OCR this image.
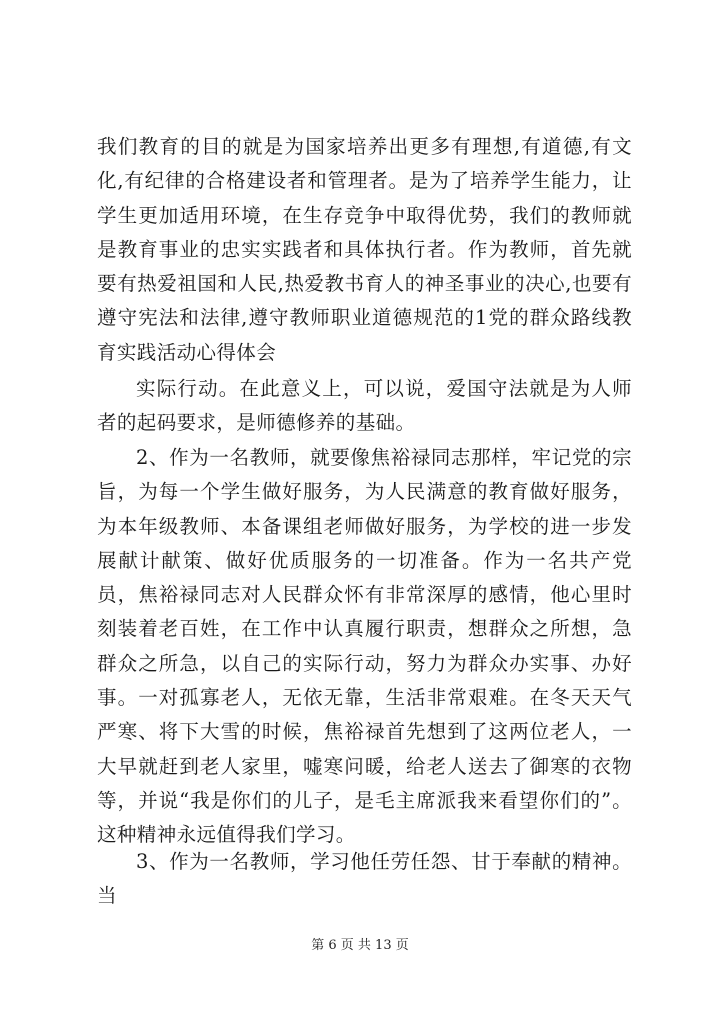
我们教育的目的就是为国家培养出更多有理想,有道德,有文化,有纪律的合格建设者和管理者。是为了培养学生能力，让学生更加适用环境，在生存竞争中取得优势，我们的教师就是教育事业的忠实实践者和具体执行者。作为教师，首先就要有热爱祖国和人民,热爱教书育人的神圣事业的决心,也要有遵守宪法和法律,遵守教师职业道德规范的1党的群众路线教育实践活动心得体会
实际行动。在此意义上，可以说，爱国守法就是为人师者的起码要求，是师德修养的基础。
2、作为一名教师，就要像焦裕禄同志那样，牢记党的宗旨，为每一个学生做好服务，为人民满意的教育做好服务，为本年级教师、本备课组老师做好服务，为学校的进一步发展献计献策、做好优质服务的一切准备。作为一名共产党员，焦裕禄同志对人民群众怀有非常深厚的感情，他心里时刻装着老百姓，在工作中认真履行职责，想群众之所想，急群众之所急，以自己的实际行动，努力为群众办实事、办好事。一对孤寡老人，无依无靠，生活非常艰难。在冬天天气严寒、将下大雪的时候，焦裕禄首先想到了这两位老人，一大早就赶到老人家里，嘘寒问暖，给老人送去了御寒的衣物等，并说“我是你们的儿子，是毛主席派我来看望你们的”。这种精神永远值得我们学习。
3、作为一名教师，学习他任劳任怨、甘于奉献的精神。当
第 6 页 共 13 页
